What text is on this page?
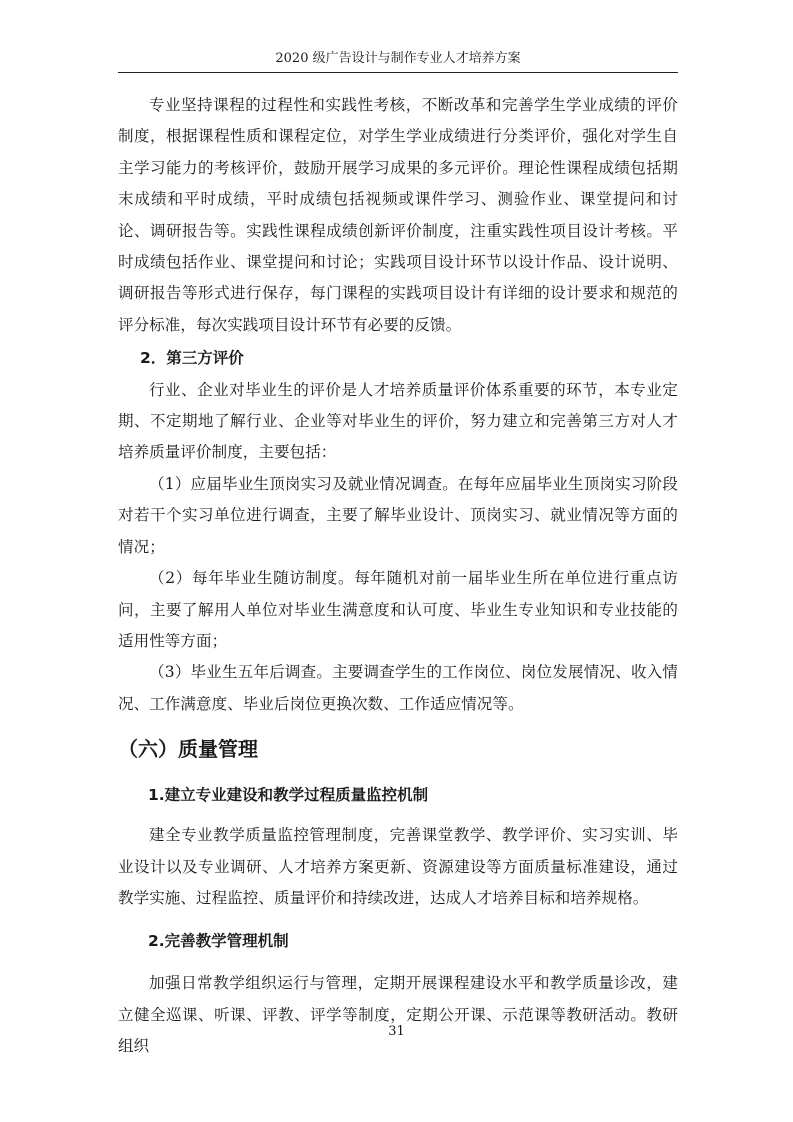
2020 级广告设计与制作专业人才培养方案

专业坚持课程的过程性和实践性考核，不断改革和完善学生学业成绩的评价制度，根据课程性质和课程定位，对学生学业成绩进行分类评价，强化对学生自主学习能力的考核评价，鼓励开展学习成果的多元评价。理论性课程成绩包括期末成绩和平时成绩，平时成绩包括视频或课件学习、测验作业、课堂提问和讨论、调研报告等。实践性课程成绩创新评价制度，注重实践性项目设计考核。平时成绩包括作业、课堂提问和讨论；实践项目设计环节以设计作品、设计说明、调研报告等形式进行保存，每门课程的实践项目设计有详细的设计要求和规范的评分标准，每次实践项目设计环节有必要的反馈。

2．第三方评价

行业、企业对毕业生的评价是人才培养质量评价体系重要的环节，本专业定期、不定期地了解行业、企业等对毕业生的评价，努力建立和完善第三方对人才培养质量评价制度，主要包括：

（1）应届毕业生顶岗实习及就业情况调查。在每年应届毕业生顶岗实习阶段对若干个实习单位进行调查，主要了解毕业设计、顶岗实习、就业情况等方面的情况；

（2）每年毕业生随访制度。每年随机对前一届毕业生所在单位进行重点访问，主要了解用人单位对毕业生满意度和认可度、毕业生专业知识和专业技能的适用性等方面；

（3）毕业生五年后调查。主要调查学生的工作岗位、岗位发展情况、收入情况、工作满意度、毕业后岗位更换次数、工作适应情况等。

（六）质量管理

1.建立专业建设和教学过程质量监控机制

建全专业教学质量监控管理制度，完善课堂教学、教学评价、实习实训、毕业设计以及专业调研、人才培养方案更新、资源建设等方面质量标准建设，通过教学实施、过程监控、质量评价和持续改进，达成人才培养目标和培养规格。

2.完善教学管理机制

加强日常教学组织运行与管理，定期开展课程建设水平和教学质量诊改，建立健全巡课、听课、评教、评学等制度，定期公开课、示范课等教研活动。教研组织

31
